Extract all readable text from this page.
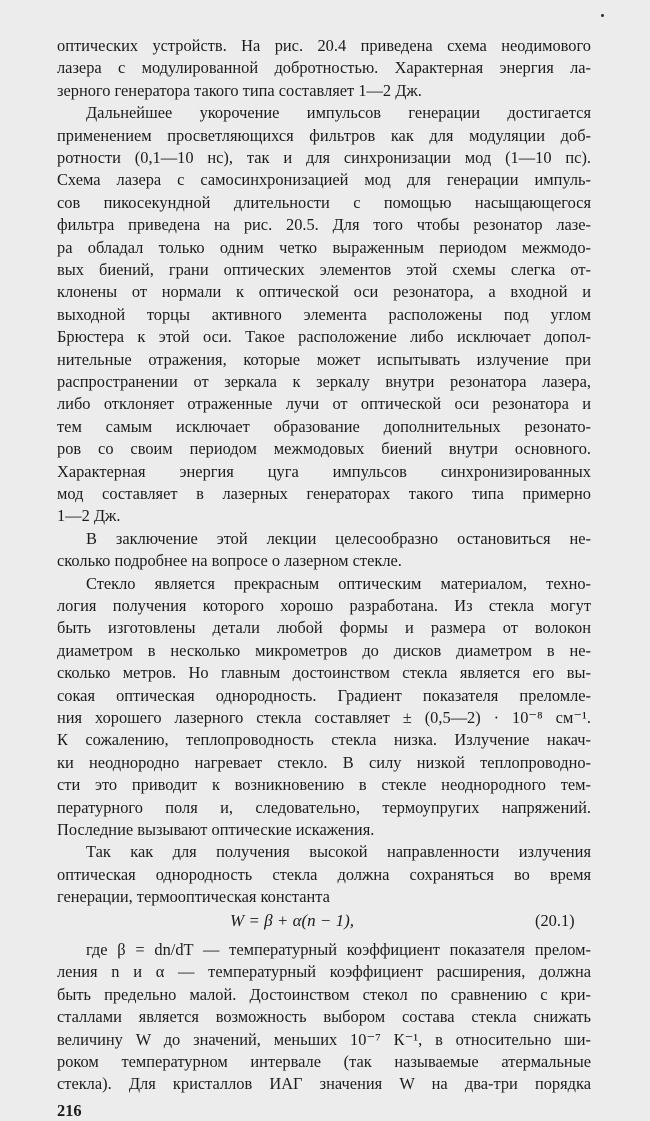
оптических устройств. На рис. 20.4 приведена схема неодимового
лазера с модулированной добротностью. Характерная энергия ла-
зерного генератора такого типа составляет 1—2 Дж.
Дальнейшее укорочение импульсов генерации достигается
применением просветляющихся фильтров как для модуляции доб-
ротности (0,1—10 нс), так и для синхронизации мод (1—10 пс).
Схема лазера с самосинхронизацией мод для генерации импуль-
сов пикосекундной длительности с помощью насыщающегося
фильтра приведена на рис. 20.5. Для того чтобы резонатор лазе-
ра обладал только одним четко выраженным периодом межмодо-
вых биений, грани оптических элементов этой схемы слегка от-
клонены от нормали к оптической оси резонатора, а входной и
выходной торцы активного элемента расположены под углом
Брюстера к этой оси. Такое расположение либо исключает допол-
нительные отражения, которые может испытывать излучение при
распространении от зеркала к зеркалу внутри резонатора лазера,
либо отклоняет отраженные лучи от оптической оси резонатора и
тем самым исключает образование дополнительных резонато-
ров со своим периодом межмодовых биений внутри основного.
Характерная энергия цуга импульсов синхронизированных
мод составляет в лазерных генераторах такого типа примерно
1—2 Дж.
В заключение этой лекции целесообразно остановиться не-
сколько подробнее на вопросе о лазерном стекле.
Стекло является прекрасным оптическим материалом, техно-
логия получения которого хорошо разработана. Из стекла могут
быть изготовлены детали любой формы и размера от волокон
диаметром в несколько микрометров до дисков диаметром в не-
сколько метров. Но главным достоинством стекла является его вы-
сокая оптическая однородность. Градиент показателя преломле-
ния хорошего лазерного стекла составляет ± (0,5—2) · 10⁻⁸ см⁻¹.
К сожалению, теплопроводность стекла низка. Излучение накач-
ки неоднородно нагревает стекло. В силу низкой теплопроводно-
сти это приводит к возникновению в стекле неоднородного тем-
пературного поля и, следовательно, термоупругих напряжений.
Последние вызывают оптические искажения.
Так как для получения высокой направленности излучения
оптическая однородность стекла должна сохраняться во время
генерации, термооптическая константа
W = β + α(n − 1),	(20.1)
где β = dn/dT — температурный коэффициент показателя прелом-
ления n и α — температурный коэффициент расширения, должна
быть предельно малой. Достоинством стекол по сравнению с кри-
сталлами является возможность выбором состава стекла снижать
величину W до значений, меньших 10⁻⁷ К⁻¹, в относительно ши-
роком температурном интервале (так называемые атермальные
стекла). Для кристаллов ИАГ значения W на два-три порядка
216
